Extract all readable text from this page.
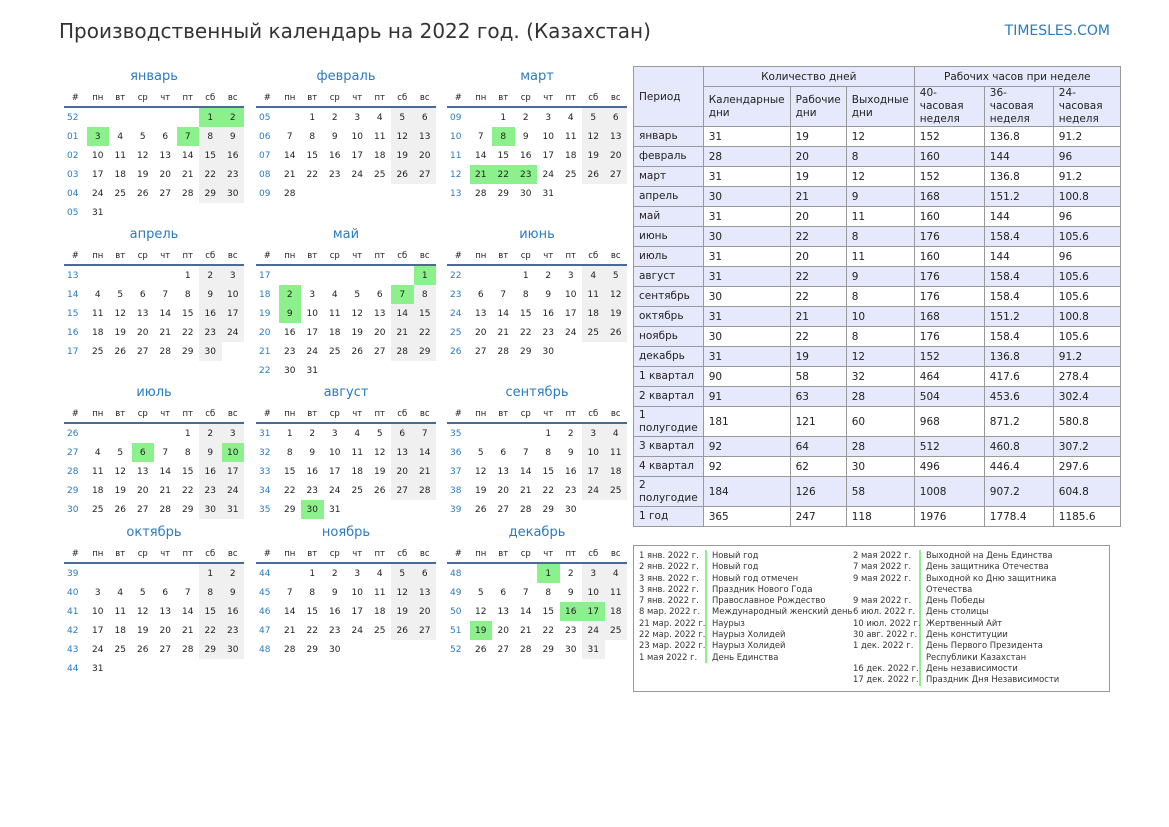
Производственный календарь на 2022 год. (Казахстан)	TIMESLES.COM
январь
#	пн	вт	ср	чт	пт	сб	вс
52						1	2
01	3	4	5	6	7	8	9
02	10	11	12	13	14	15	16
03	17	18	19	20	21	22	23
04	24	25	26	27	28	29	30
05	31						
февраль
#	пн	вт	ср	чт	пт	сб	вс
05		1	2	3	4	5	6
06	7	8	9	10	11	12	13
07	14	15	16	17	18	19	20
08	21	22	23	24	25	26	27
09	28						
март
#	пн	вт	ср	чт	пт	сб	вс
09		1	2	3	4	5	6
10	7	8	9	10	11	12	13
11	14	15	16	17	18	19	20
12	21	22	23	24	25	26	27
13	28	29	30	31			
апрель
#	пн	вт	ср	чт	пт	сб	вс
13					1	2	3
14	4	5	6	7	8	9	10
15	11	12	13	14	15	16	17
16	18	19	20	21	22	23	24
17	25	26	27	28	29	30	
май
#	пн	вт	ср	чт	пт	сб	вс
17							1
18	2	3	4	5	6	7	8
19	9	10	11	12	13	14	15
20	16	17	18	19	20	21	22
21	23	24	25	26	27	28	29
22	30	31					
июнь
#	пн	вт	ср	чт	пт	сб	вс
22			1	2	3	4	5
23	6	7	8	9	10	11	12
24	13	14	15	16	17	18	19
25	20	21	22	23	24	25	26
26	27	28	29	30			
июль
#	пн	вт	ср	чт	пт	сб	вс
26					1	2	3
27	4	5	6	7	8	9	10
28	11	12	13	14	15	16	17
29	18	19	20	21	22	23	24
30	25	26	27	28	29	30	31
август
#	пн	вт	ср	чт	пт	сб	вс
31	1	2	3	4	5	6	7
32	8	9	10	11	12	13	14
33	15	16	17	18	19	20	21
34	22	23	24	25	26	27	28
35	29	30	31				
сентябрь
#	пн	вт	ср	чт	пт	сб	вс
35				1	2	3	4
36	5	6	7	8	9	10	11
37	12	13	14	15	16	17	18
38	19	20	21	22	23	24	25
39	26	27	28	29	30		
октябрь
#	пн	вт	ср	чт	пт	сб	вс
39						1	2
40	3	4	5	6	7	8	9
41	10	11	12	13	14	15	16
42	17	18	19	20	21	22	23
43	24	25	26	27	28	29	30
44	31						
ноябрь
#	пн	вт	ср	чт	пт	сб	вс
44		1	2	3	4	5	6
45	7	8	9	10	11	12	13
46	14	15	16	17	18	19	20
47	21	22	23	24	25	26	27
48	28	29	30				
декабрь
#	пн	вт	ср	чт	пт	сб	вс
48				1	2	3	4
49	5	6	7	8	9	10	11
50	12	13	14	15	16	17	18
51	19	20	21	22	23	24	25
52	26	27	28	29	30	31	
Период	Количество дней			Рабочих часов при неделе		
	Календарные дни	Рабочие дни	Выходные дни	40-часовая неделя	36-часовая неделя	24-часовая неделя
январь	31	19	12	152	136.8	91.2
февраль	28	20	8	160	144	96
март	31	19	12	152	136.8	91.2
апрель	30	21	9	168	151.2	100.8
май	31	20	11	160	144	96
июнь	30	22	8	176	158.4	105.6
июль	31	20	11	160	144	96
август	31	22	9	176	158.4	105.6
сентябрь	30	22	8	176	158.4	105.6
октябрь	31	21	10	168	151.2	100.8
ноябрь	30	22	8	176	158.4	105.6
декабрь	31	19	12	152	136.8	91.2
1 квартал	90	58	32	464	417.6	278.4
2 квартал	91	63	28	504	453.6	302.4
1 полугодие	181	121	60	968	871.2	580.8
3 квартал	92	64	28	512	460.8	307.2
4 квартал	92	62	30	496	446.4	297.6
2 полугодие	184	126	58	1008	907.2	604.8
1 год	365	247	118	1976	1778.4	1185.6
1 янв. 2022 г.	Новый год
2 янв. 2022 г.	Новый год
3 янв. 2022 г.	Новый год отмечен
3 янв. 2022 г.	Праздник Нового Года
7 янв. 2022 г.	Православное Рождество
8 мар. 2022 г.	Международный женский день
21 мар. 2022 г. Наурыз
22 мар. 2022 г. Наурыз Холидей
23 мар. 2022 г. Наурыз Холидей
1 мая 2022 г.	День Единства
2 мая 2022 г.	Выходной на День Единства
7 мая 2022 г.	День защитника Отечества
9 мая 2022 г.	Выходной ко Дню защитника Отечества
9 мая 2022 г.	День Победы
6 июл. 2022 г.	День столицы
10 июл. 2022 г. Жертвенный Айт
30 авг. 2022 г.	День конституции
1 дек. 2022 г.	День Первого Президента Республики Казахстан
16 дек. 2022 г. День независимости
17 дек. 2022 г. Праздник Дня Независимости
